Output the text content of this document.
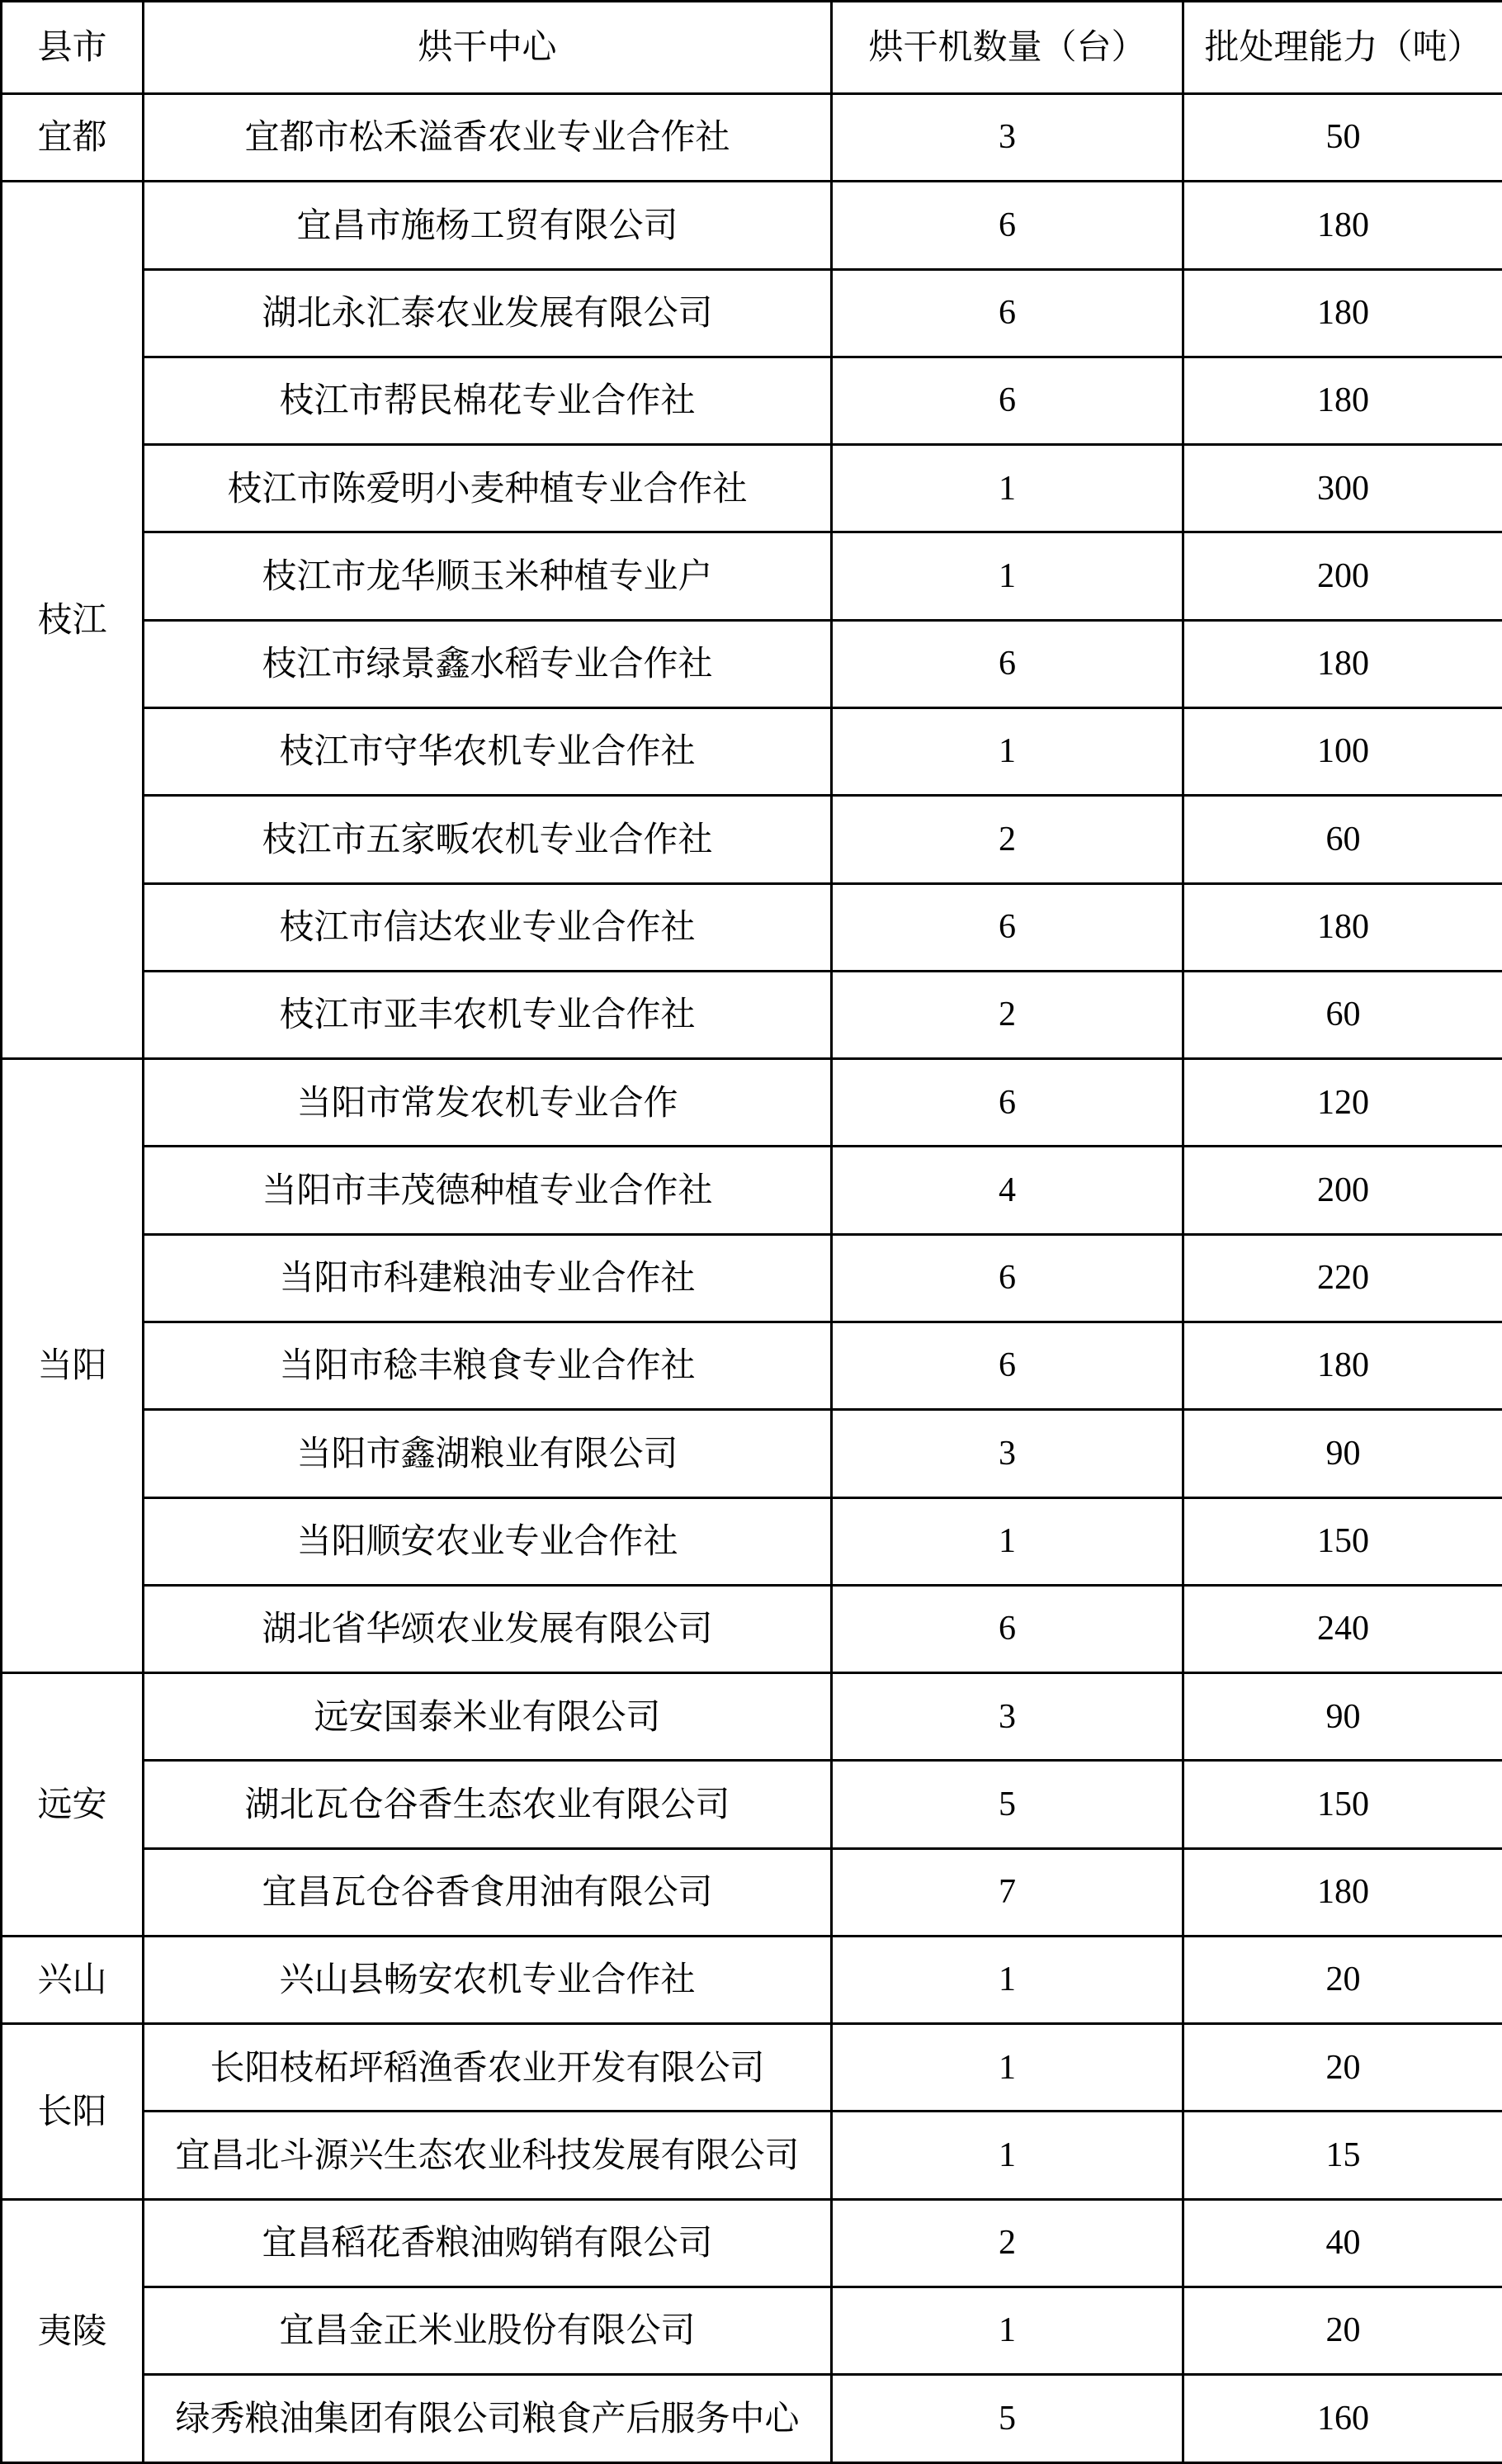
县市	烘干中心	烘干机数量（台）	批处理能力（吨）
宜都	宜都市松禾溢香农业专业合作社	3	50
枝江	宜昌市施杨工贸有限公司	6	180
	湖北永汇泰农业发展有限公司	6	180
	枝江市帮民棉花专业合作社	6	180
	枝江市陈爱明小麦种植专业合作社	1	300
	枝江市龙华顺玉米种植专业户	1	200
	枝江市绿景鑫水稻专业合作社	6	180
	枝江市守华农机专业合作社	1	100
	枝江市五家畈农机专业合作社	2	60
	枝江市信达农业专业合作社	6	180
	枝江市亚丰农机专业合作社	2	60
当阳	当阳市常发农机专业合作	6	120
	当阳市丰茂德种植专业合作社	4	200
	当阳市科建粮油专业合作社	6	220
	当阳市稔丰粮食专业合作社	6	180
	当阳市鑫湖粮业有限公司	3	90
	当阳顺安农业专业合作社	1	150
	湖北省华颂农业发展有限公司	6	240
远安	远安国泰米业有限公司	3	90
	湖北瓦仓谷香生态农业有限公司	5	150
	宜昌瓦仓谷香食用油有限公司	7	180
兴山	兴山县畅安农机专业合作社	1	20
长阳	长阳枝柘坪稻渔香农业开发有限公司	1	20
	宜昌北斗源兴生态农业科技发展有限公司	1	15
夷陵	宜昌稻花香粮油购销有限公司	2	40
	宜昌金正米业股份有限公司	1	20
	绿秀粮油集团有限公司粮食产后服务中心	5	160
